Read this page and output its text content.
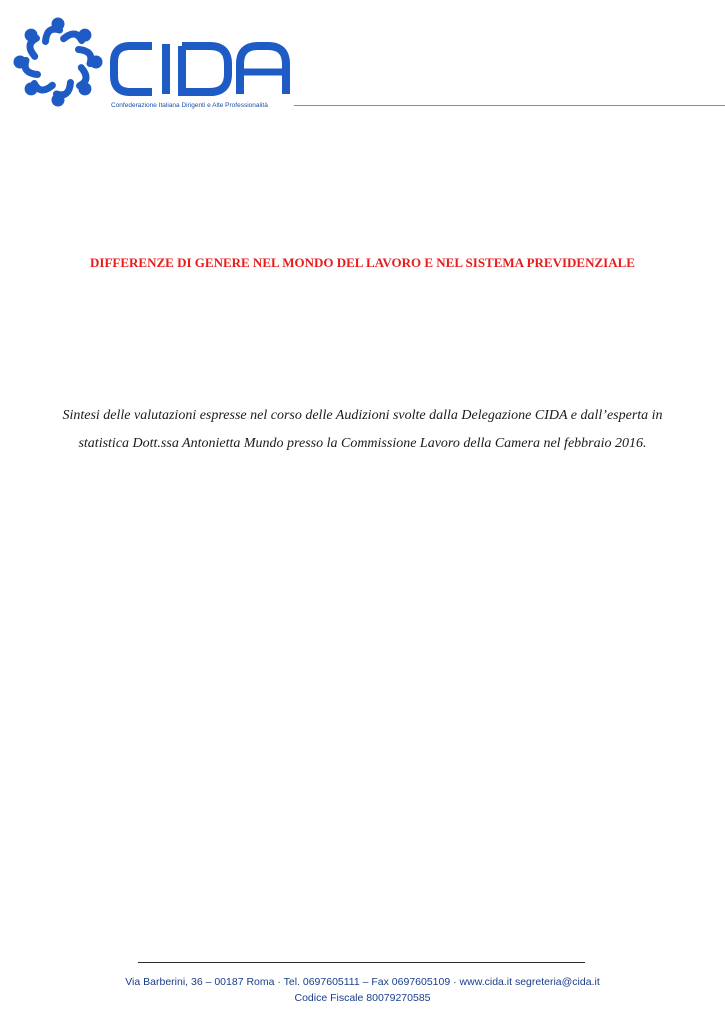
Confederazione Italiana Dirigenti e Alte Professionalità
DIFFERENZE DI GENERE NEL MONDO DEL LAVORO E NEL SISTEMA PREVIDENZIALE

Sintesi delle valutazioni espresse nel corso delle Audizioni svolte dalla Delegazione CIDA e dall’esperta in statistica Dott.ssa Antonietta Mundo presso la Commissione Lavoro della Camera nel febbraio 2016.

Via Barberini, 36 – 00187 Roma · Tel. 0697605111 – Fax 0697605109 · www.cida.it segreteria@cida.it
Codice Fiscale 80079270585
